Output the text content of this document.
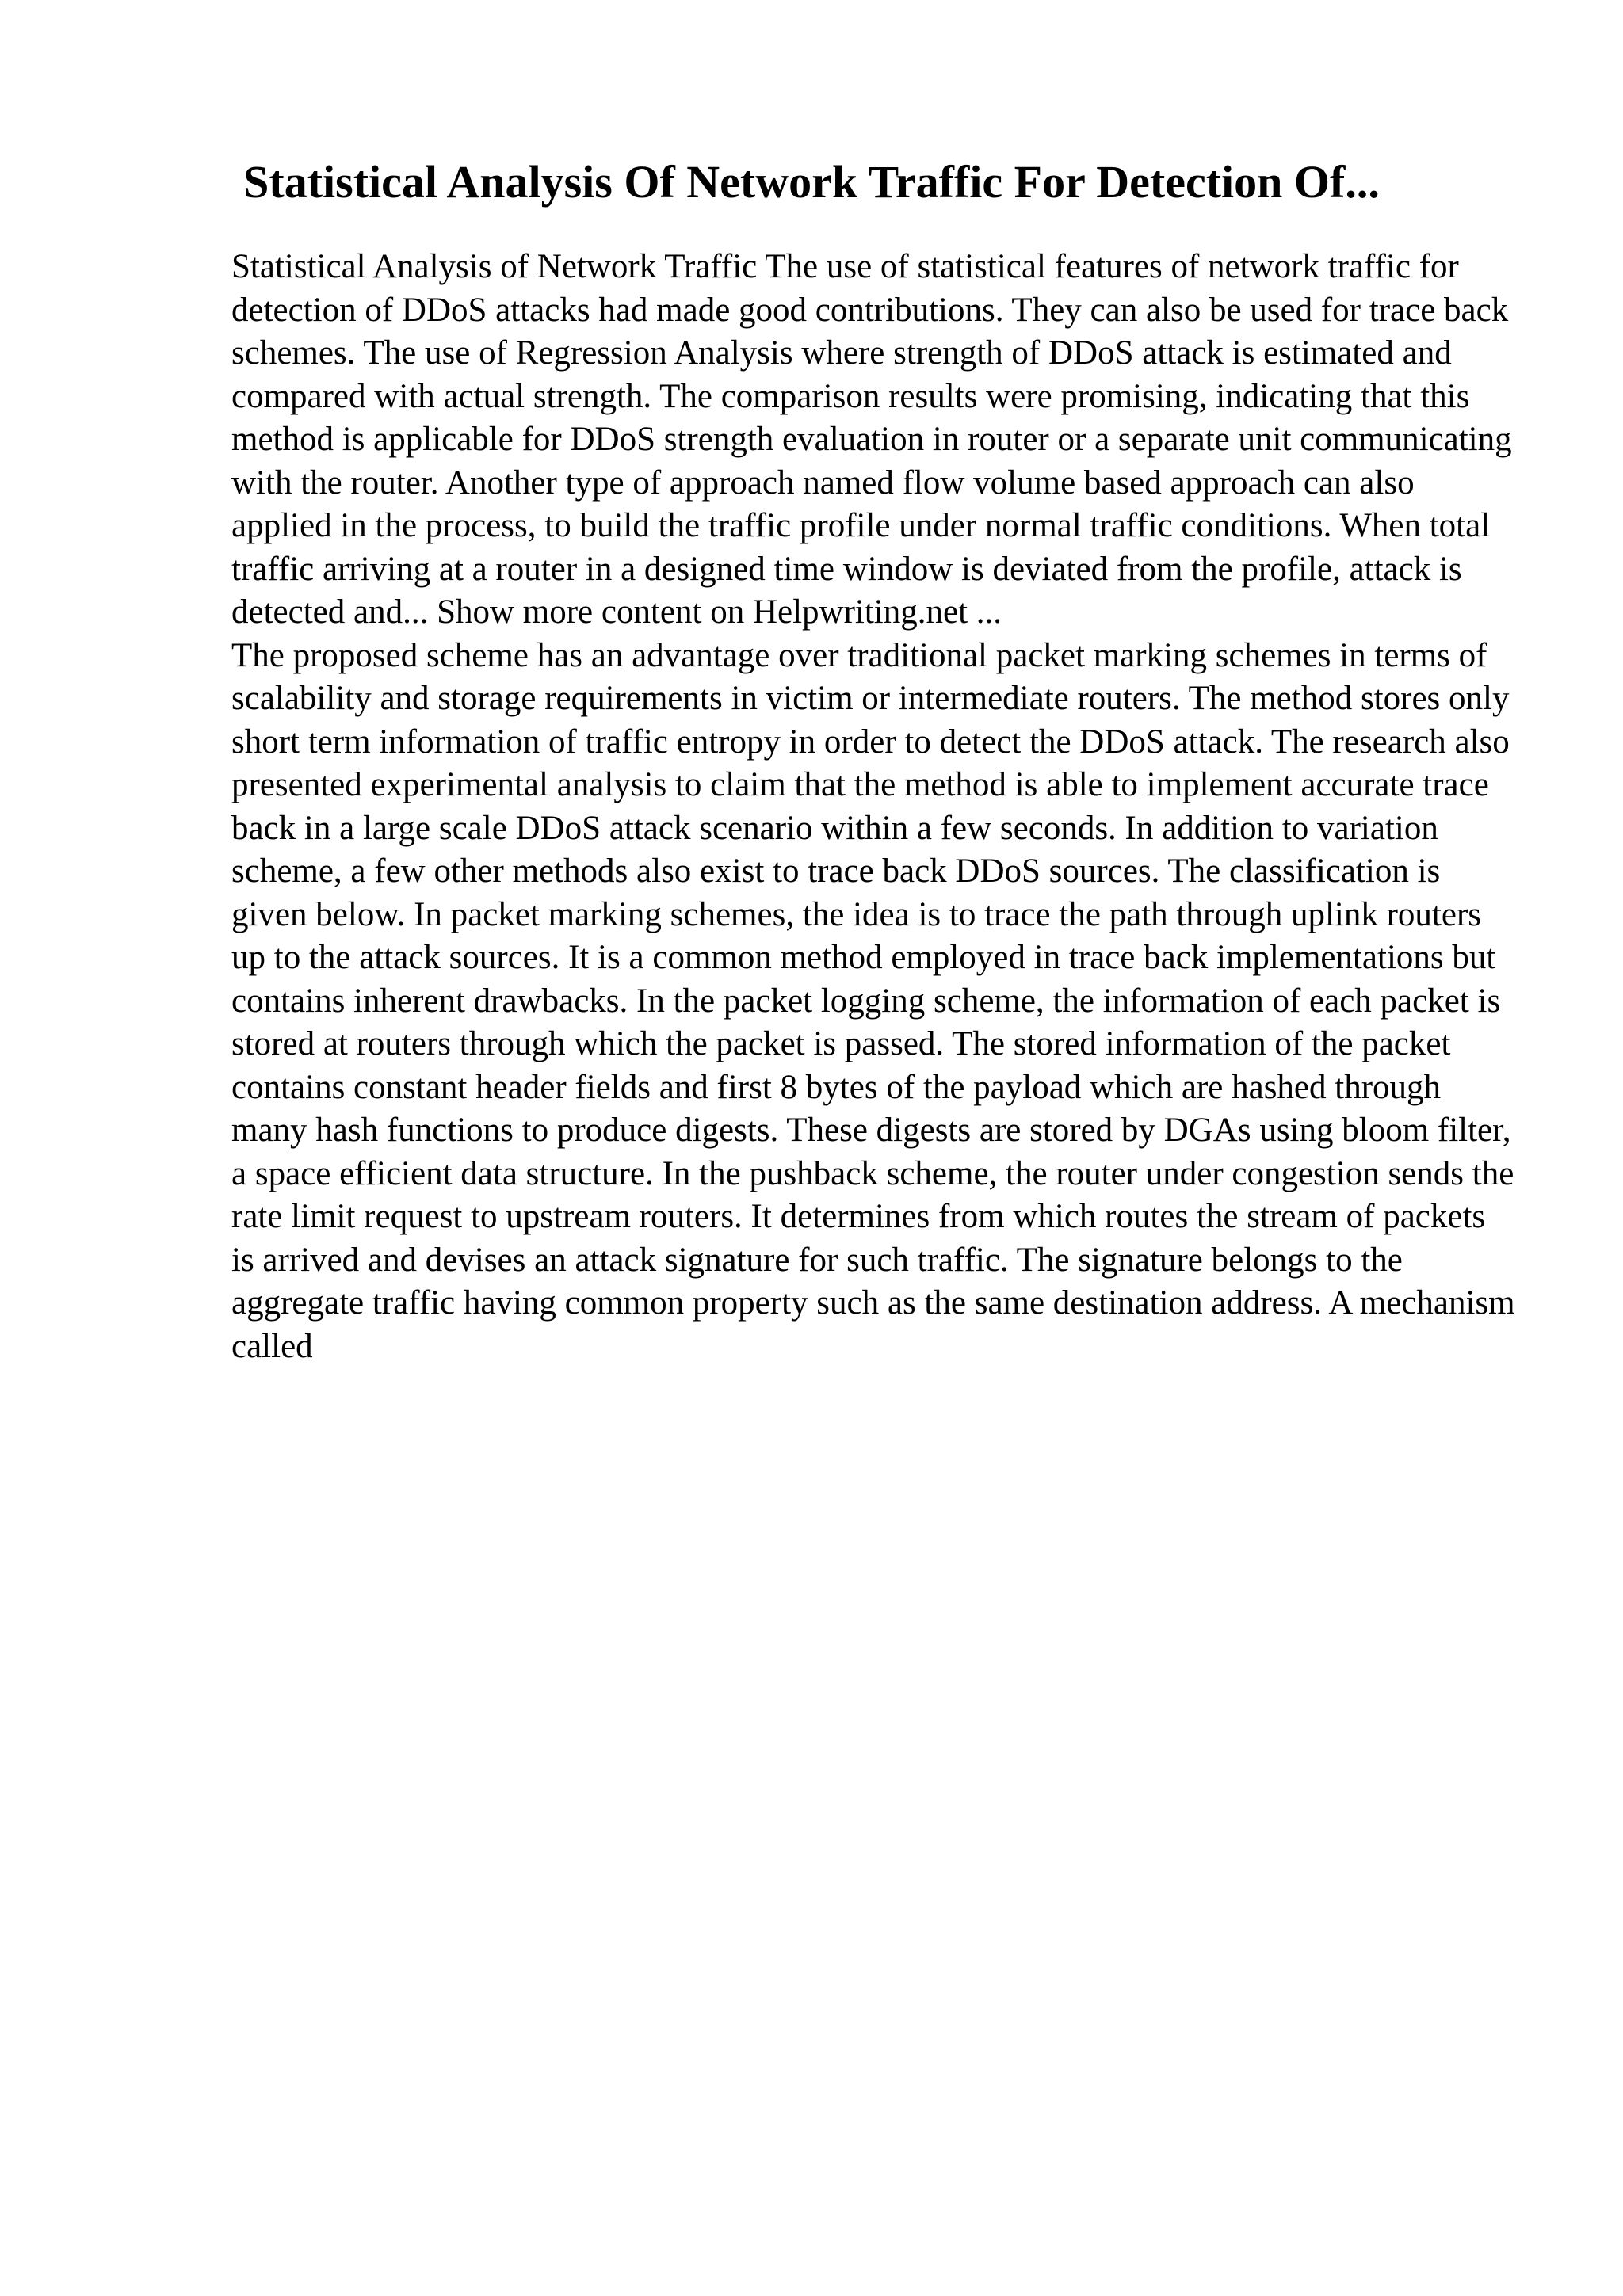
Statistical Analysis Of Network Traffic For Detection Of...

Statistical Analysis of Network Traffic The use of statistical features of network traffic for detection of DDoS attacks had made good contributions. They can also be used for trace back schemes. The use of Regression Analysis where strength of DDoS attack is estimated and compared with actual strength. The comparison results were promising, indicating that this method is applicable for DDoS strength evaluation in router or a separate unit communicating with the router. Another type of approach named flow volume based approach can also applied in the process, to build the traffic profile under normal traffic conditions. When total traffic arriving at a router in a designed time window is deviated from the profile, attack is detected and... Show more content on Helpwriting.net ...

The proposed scheme has an advantage over traditional packet marking schemes in terms of scalability and storage requirements in victim or intermediate routers. The method stores only short term information of traffic entropy in order to detect the DDoS attack. The research also presented experimental analysis to claim that the method is able to implement accurate trace back in a large scale DDoS attack scenario within a few seconds. In addition to variation scheme, a few other methods also exist to trace back DDoS sources. The classification is given below. In packet marking schemes, the idea is to trace the path through uplink routers up to the attack sources. It is a common method employed in trace back implementations but contains inherent drawbacks. In the packet logging scheme, the information of each packet is stored at routers through which the packet is passed. The stored information of the packet contains constant header fields and first 8 bytes of the payload which are hashed through many hash functions to produce digests. These digests are stored by DGAs using bloom filter, a space efficient data structure. In the pushback scheme, the router under congestion sends the rate limit request to upstream routers. It determines from which routes the stream of packets is arrived and devises an attack signature for such traffic. The signature belongs to the aggregate traffic having common property such as the same destination address. A mechanism called
